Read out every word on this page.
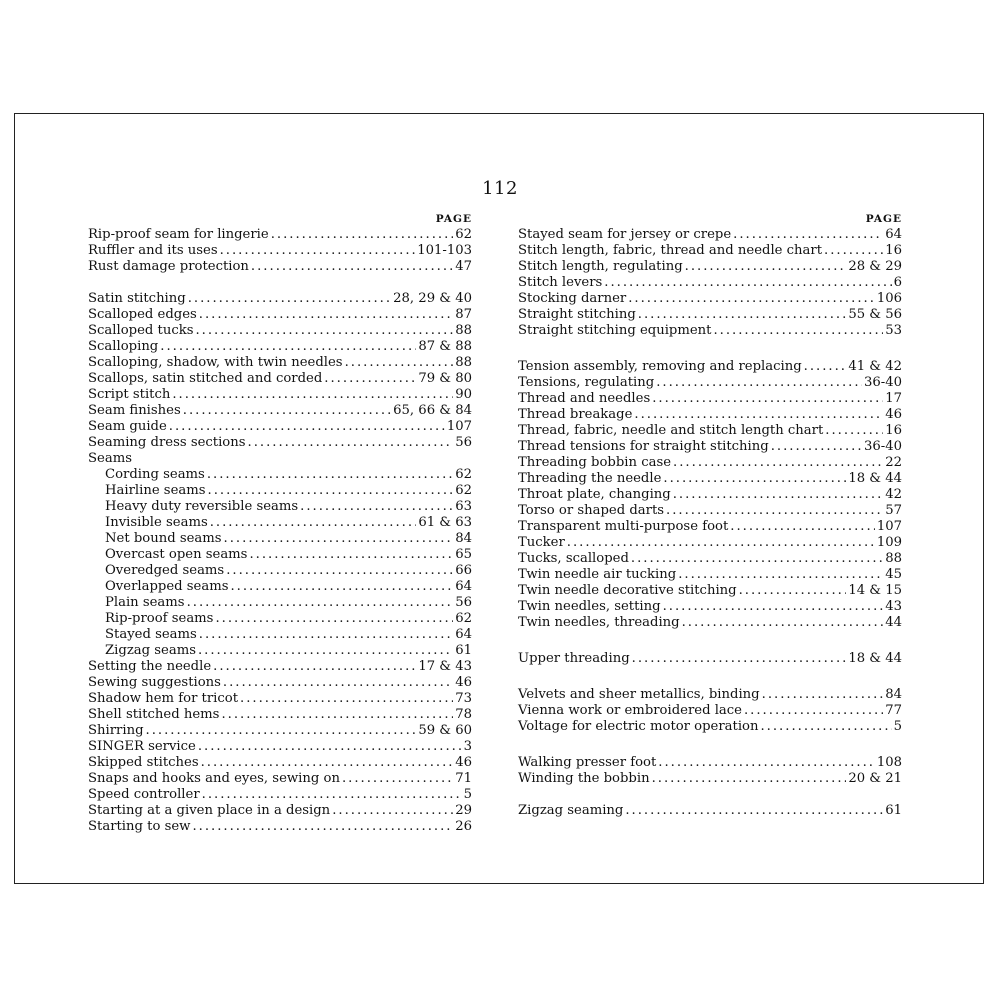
112
PAGE
Rip-proof seam for lingerie .....	62
Ruffler and its uses .....	101-103
Rust damage protection .....	47
Satin stitching .....	28, 29 & 40
Scalloped edges .....	87
Scalloped tucks .....	88
Scalloping .....	87 & 88
Scalloping, shadow, with twin needles .....	88
Scallops, satin stitched and corded .....	79 & 80
Script stitch .....	90
Seam finishes .....	65, 66 & 84
Seam guide .....	107
Seaming dress sections .....	56
Seams
Cording seams .....	62
Hairline seams .....	62
Heavy duty reversible seams .....	63
Invisible seams .....	61 & 63
Net bound seams .....	84
Overcast open seams .....	65
Overedged seams .....	66
Overlapped seams .....	64
Plain seams .....	56
Rip-proof seams .....	62
Stayed seams .....	64
Zigzag seams .....	61
Setting the needle .....	17 & 43
Sewing suggestions .....	46
Shadow hem for tricot .....	73
Shell stitched hems .....	78
Shirring .....	59 & 60
SINGER service .....	3
Skipped stitches .....	46
Snaps and hooks and eyes, sewing on .....	71
Speed controller .....	5
Starting at a given place in a design .....	29
Starting to sew .....	26
PAGE
Stayed seam for jersey or crepe .....	64
Stitch length, fabric, thread and needle chart .....	16
Stitch length, regulating .....	28 & 29
Stitch levers .....	6
Stocking darner .....	106
Straight stitching .....	55 & 56
Straight stitching equipment .....	53
Tension assembly, removing and replacing .....	41 & 42
Tensions, regulating .....	36-40
Thread and needles .....	17
Thread breakage .....	46
Thread, fabric, needle and stitch length chart .....	16
Thread tensions for straight stitching .....	36-40
Threading bobbin case .....	22
Threading the needle .....	18 & 44
Throat plate, changing .....	42
Torso or shaped darts .....	57
Transparent multi-purpose foot .....	107
Tucker .....	109
Tucks, scalloped .....	88
Twin needle air tucking .....	45
Twin needle decorative stitching .....	14 & 15
Twin needles, setting .....	43
Twin needles, threading .....	44
Upper threading .....	18 & 44
Velvets and sheer metallics, binding .....	84
Vienna work or embroidered lace .....	77
Voltage for electric motor operation .....	5
Walking presser foot .....	108
Winding the bobbin .....	20 & 21
Zigzag seaming .....	61
